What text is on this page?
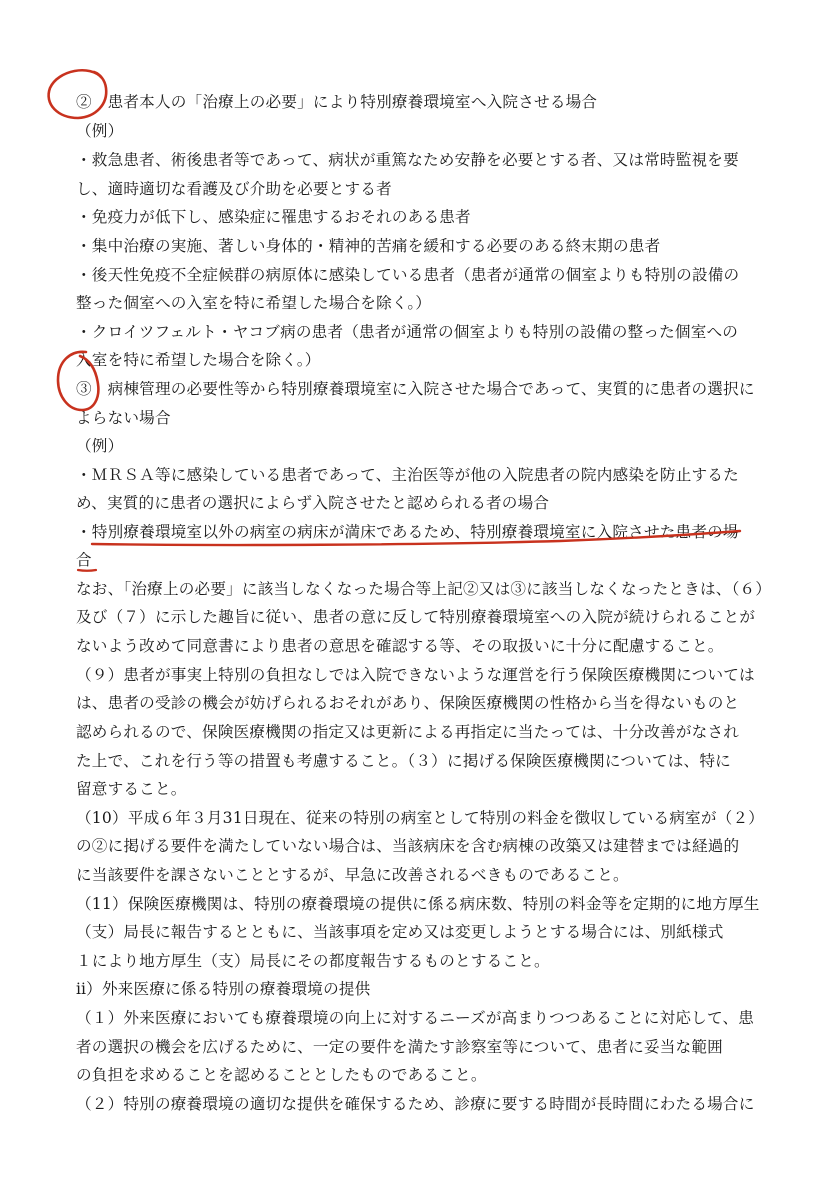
②　患者本人の「治療上の必要」により特別療養環境室へ入院させる場合
（例）
・救急患者、術後患者等であって、病状が重篤なため安静を必要とする者、又は常時監視を要
し、適時適切な看護及び介助を必要とする者
・免疫力が低下し、感染症に罹患するおそれのある患者
・集中治療の実施、著しい身体的・精神的苦痛を緩和する必要のある終末期の患者
・後天性免疫不全症候群の病原体に感染している患者（患者が通常の個室よりも特別の設備の
整った個室への入室を特に希望した場合を除く。）
・クロイツフェルト・ヤコブ病の患者（患者が通常の個室よりも特別の設備の整った個室への
入室を特に希望した場合を除く。）
③　病棟管理の必要性等から特別療養環境室に入院させた場合であって、実質的に患者の選択に
よらない場合
（例）
・ＭＲＳＡ等に感染している患者であって、主治医等が他の入院患者の院内感染を防止するた
め、実質的に患者の選択によらず入院させたと認められる者の場合
・特別療養環境室以外の病室の病床が満床であるため、特別療養環境室に入院させた患者の場
合
なお、「治療上の必要」に該当しなくなった場合等上記②又は③に該当しなくなったときは、（６）
及び（７）に示した趣旨に従い、患者の意に反して特別療養環境室への入院が続けられることが
ないよう改めて同意書により患者の意思を確認する等、その取扱いに十分に配慮すること。
（９）患者が事実上特別の負担なしでは入院できないような運営を行う保険医療機関については
は、患者の受診の機会が妨げられるおそれがあり、保険医療機関の性格から当を得ないものと
認められるので、保険医療機関の指定又は更新による再指定に当たっては、十分改善がなされ
た上で、これを行う等の措置も考慮すること。（３）に掲げる保険医療機関については、特に
留意すること。
（10）平成６年３月31日現在、従来の特別の病室として特別の料金を徴収している病室が（２）
の②に掲げる要件を満たしていない場合は、当該病床を含む病棟の改築又は建替までは経過的
に当該要件を課さないこととするが、早急に改善されるべきものであること。
（11）保険医療機関は、特別の療養環境の提供に係る病床数、特別の料金等を定期的に地方厚生
（支）局長に報告するとともに、当該事項を定め又は変更しようとする場合には、別紙様式
１により地方厚生（支）局長にその都度報告するものとすること。
ⅱ）外来医療に係る特別の療養環境の提供
（１）外来医療においても療養環境の向上に対するニーズが高まりつつあることに対応して、患
者の選択の機会を広げるために、一定の要件を満たす診察室等について、患者に妥当な範囲
の負担を求めることを認めることとしたものであること。
（２）特別の療養環境の適切な提供を確保するため、診療に要する時間が長時間にわたる場合に
